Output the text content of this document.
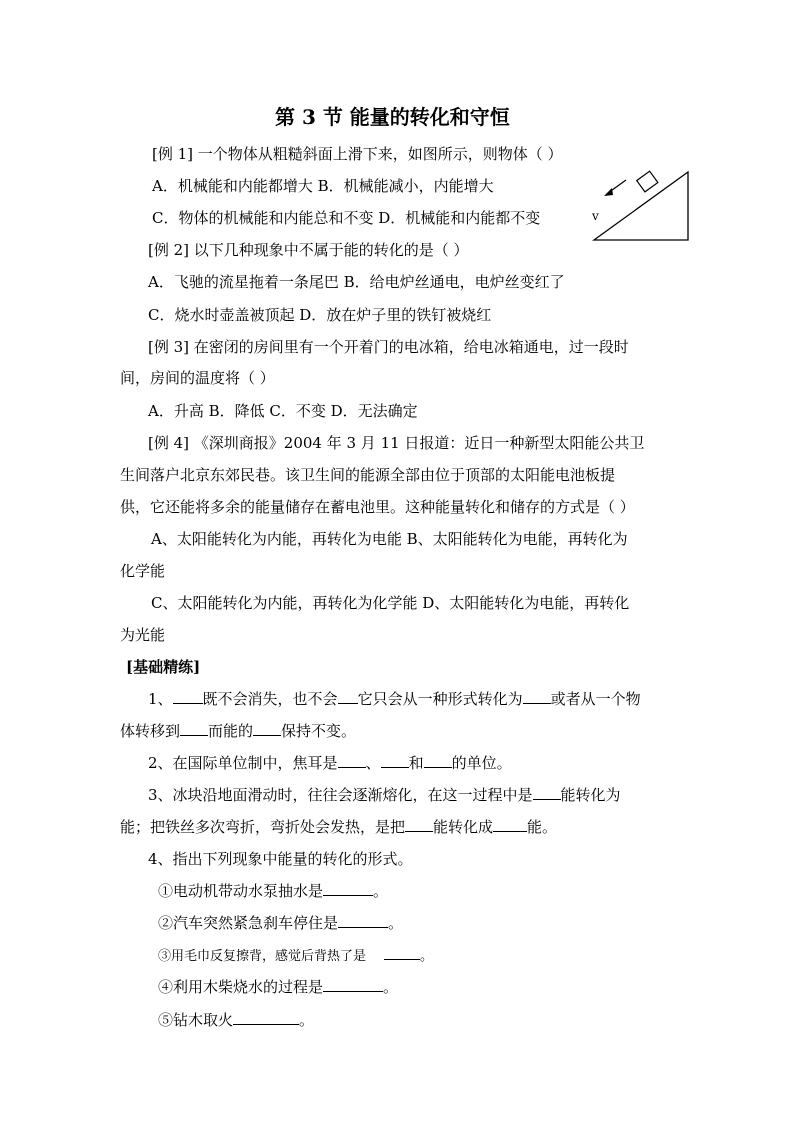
第 3 节 能量的转化和守恒
[例 1] 一个物体从粗糙斜面上滑下来，如图所示，则物体（ ）
A．机械能和内能都增大 B．机械能减小，内能增大
C．物体的机械能和内能总和不变 D．机械能和内能都不变	v
[例 2] 以下几种现象中不属于能的转化的是（ ）
A．飞驰的流星拖着一条尾巴 B．给电炉丝通电，电炉丝变红了
C．烧水时壶盖被顶起 D．放在炉子里的铁钉被烧红
[例 3] 在密闭的房间里有一个开着门的电冰箱，给电冰箱通电，过一段时
间，房间的温度将（ ）
A．升高 B．降低 C．不变 D．无法确定
[例 4] 《深圳商报》2004 年 3 月 11 日报道：近日一种新型太阳能公共卫
生间落户北京东郊民巷。该卫生间的能源全部由位于顶部的太阳能电池板提
供，它还能将多余的能量储存在蓄电池里。这种能量转化和储存的方式是（ ）
A、太阳能转化为内能，再转化为电能 B、太阳能转化为电能，再转化为
化学能
C、太阳能转化为内能，再转化为化学能 D、太阳能转化为电能，再转化
为光能
[基础精练]
1、 既不会消失，也不会 它只会从一种形式转化为 或者从一个物
体转移到 而能的 保持不变。
2、在国际单位制中，焦耳是 、 和 的单位。
3、冰块沿地面滑动时，往往会逐渐熔化，在这一过程中是 能转化为
能；把铁丝多次弯折，弯折处会发热，是把 能转化成 能。
4、指出下列现象中能量的转化的形式。
①电动机带动水泵抽水是	。
②汽车突然紧急刹车停住是	。
③用毛巾反复擦背，感觉后背热了是	。
④利用木柴烧水的过程是	。
⑤钻木取火	。
